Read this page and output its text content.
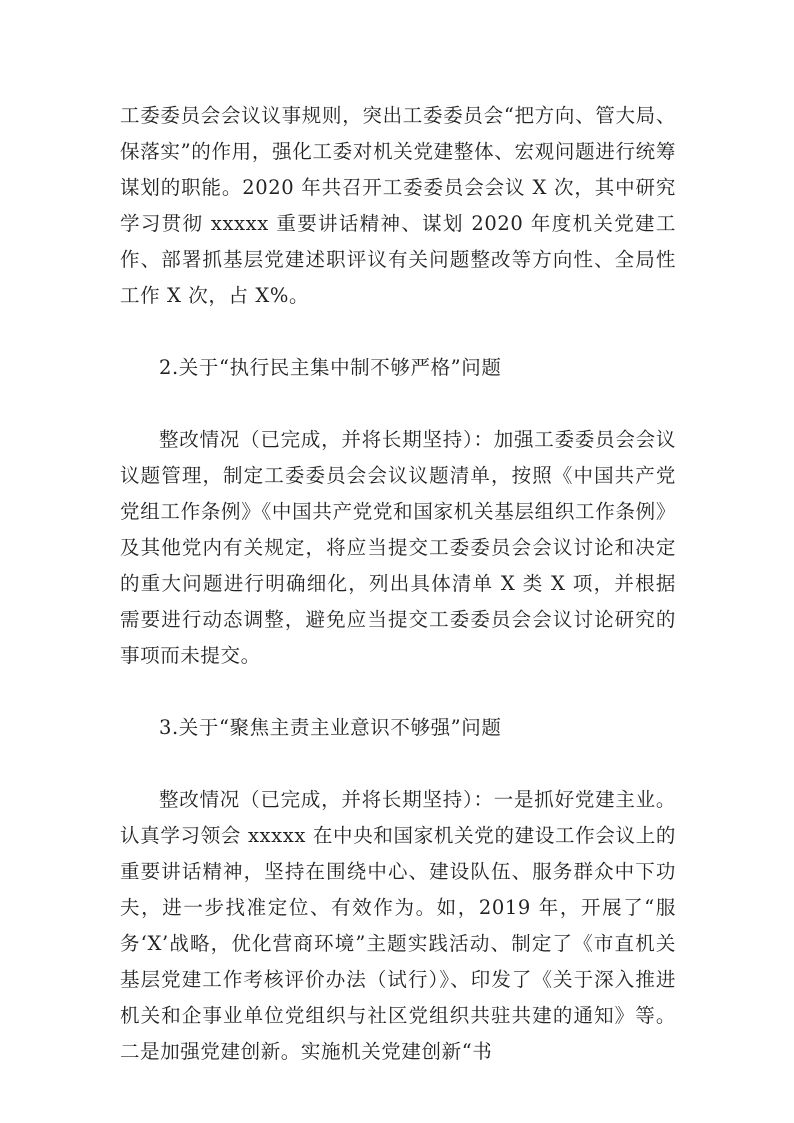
工委委员会会议议事规则，突出工委委员会“把方向、管大局、保落实”的作用，强化工委对机关党建整体、宏观问题进行统筹谋划的职能。2020 年共召开工委委员会会议 X 次，其中研究学习贯彻 xxxxx 重要讲话精神、谋划 2020 年度机关党建工作、部署抓基层党建述职评议有关问题整改等方向性、全局性工作 X 次，占 X%。

2.关于“执行民主集中制不够严格”问题

整改情况（已完成，并将长期坚持）：加强工委委员会会议议题管理，制定工委委员会会议议题清单，按照《中国共产党党组工作条例》《中国共产党党和国家机关基层组织工作条例》及其他党内有关规定，将应当提交工委委员会会议讨论和决定的重大问题进行明确细化，列出具体清单 X 类 X 项，并根据需要进行动态调整，避免应当提交工委委员会会议讨论研究的事项而未提交。

3.关于“聚焦主责主业意识不够强”问题

整改情况（已完成，并将长期坚持）：一是抓好党建主业。认真学习领会 xxxxx 在中央和国家机关党的建设工作会议上的重要讲话精神，坚持在围绕中心、建设队伍、服务群众中下功夫，进一步找准定位、有效作为。如，2019 年，开展了“服务‘X’战略，优化营商环境”主题实践活动、制定了《市直机关基层党建工作考核评价办法（试行）》、印发了《关于深入推进机关和企事业单位党组织与社区党组织共驻共建的通知》等。二是加强党建创新。实施机关党建创新“书
